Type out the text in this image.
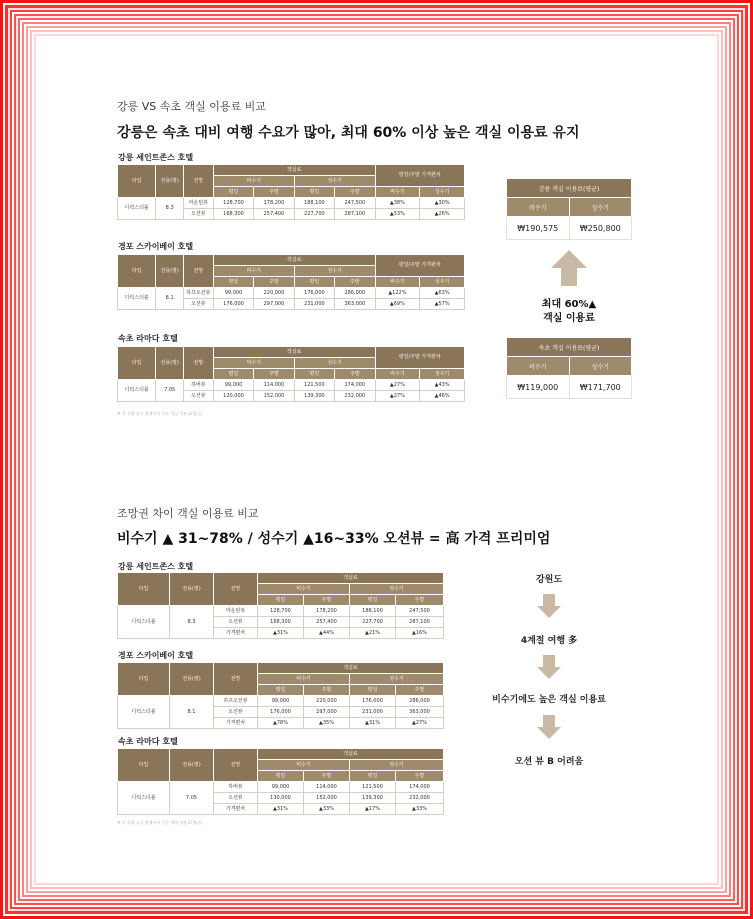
강릉 VS 속초 객실 이용료 비교
강릉은 속초 대비 여행 수요가 많아, 최대 60% 이상 높은 객실 이용료 유지
강릉 세인트존스 호텔
타입	전용(평)	전망	객실료				평일/주말 가격편차	
			비수기		성수기			
			평일	주말	평일	주말	비수기	성수기
디럭스더블	8.3	마운틴뷰	128,700	178,200	188,100	247,500	▲38%	▲30%
		오션뷰	168,300	257,400	227,700	287,100	▲53%	▲26%
경포 스카이베이 호텔
타입	전용(평)	전망	객실료				평일/주말 가격편차	
			비수기		성수기			
			평일	주말	평일	주말	비수기	성수기
디럭스더블	8.1	하프오션뷰	99,000	220,000	176,000	286,000	▲122%	▲63%
		오션뷰	176,000	297,000	231,000	363,000	▲69%	▲57%
속초 라마다 호텔
타입	전용(평)	전망	객실료				평일/주말 가격편차	
			비수기		성수기			
			평일	주말	평일	주말	비수기	성수기
디럭스더블	7.05	하버뷰	99,000	114,000	121,500	174,000	▲27%	▲43%
		오션뷰	120,000	152,000	139,300	232,000	▲27%	▲46%
※ 각 호텔 공식 홈페이지 기준 객실 이용료(평균)
강릉 객실 이용료(평균)	
비수기	성수기
₩190,575	₩250,800
최대 60%▲
객실 이용료
속초 객실 이용료(평균)	
비수기	성수기
₩119,000	₩171,700
조망권 차이 객실 이용료 비교
비수기 ▲ 31~78% / 성수기 ▲16~33% 오션뷰 = 高 가격 프리미엄
강릉 세인트존스 호텔
타입	전용(평)	전망	객실료			
			비수기		성수기	
			평일	주말	평일	주말
디럭스더블	8.3	마운틴뷰	128,700	178,200	188,100	247,500
		오션뷰	168,300	257,400	227,700	287,100
		가격편차	▲31%	▲44%	▲21%	▲16%
경포 스카이베이 호텔
타입	전용(평)	전망	객실료			
			비수기		성수기	
			평일	주말	평일	주말
디럭스더블	8.1	하프오션뷰	99,000	220,000	176,000	286,000
		오션뷰	176,000	297,000	231,000	363,000
		가격편차	▲78%	▲35%	▲31%	▲27%
속초 라마다 호텔
타입	전용(평)	전망	객실료			
			비수기		성수기	
			평일	주말	평일	주말
디럭스더블	7.05	하버뷰	99,000	114,000	121,500	174,000
		오션뷰	130,000	152,000	139,300	232,000
		가격편차	▲31%	▲33%	▲17%	▲33%
※ 각 호텔 공식 홈페이지 기준 객실 이용료(평균)
강원도
4계절 여행 多
비수기에도 높은 객실 이용료
오션 뷰 B 어려움
